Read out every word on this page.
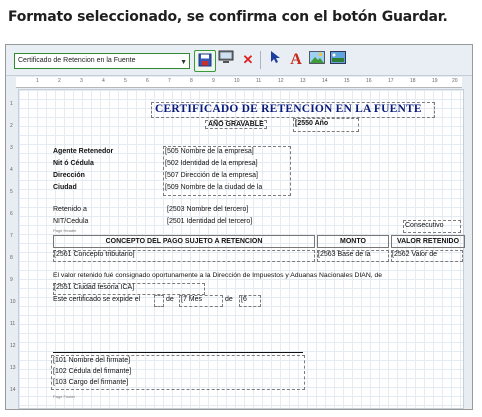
Formato seleccionado, se confirma con el botón Guardar.
Certificado de Retencion en la Fuente	▼	✕ A
1	2	3	4	5	6	7	8	9	10	11	12	13	14	15	16	17	18	19	20
1
2
3
4
5
6
7
8
9
10
11
12
13
14
CERTIFICADO DE RETENCION EN LA FUENTE
AÑO GRAVABLE	[2550 Año
Agente Retenedor	[505 Nombre de la empresa]
Nit ó Cédula	[502 Identidad de la empresa]
Dirección	[507 Dirección de la empresa]
Ciudad	[509 Nombre de la ciudad de la
Retenido a	[2503 Nombre del tercero]
NIT/Cedula	[2501 Identidad del tercero]
Page Header
Consecutivo
CONCEPTO DEL PAGO SUJETO A RETENCION	MONTO	VALOR RETENIDO
[2561 Concepto tributario]	[2563 Base de la	[2562 Valor de
El valor retenido fué consignado oportunamente a la Dirección de Impuestos y Aduanas Nacionales DIAN, de
[2551 Ciudad tesoria ICA]
Este certificado se expide el	de [7 Mes	de [6
[101 Nombre del firmate]
[102 Cédula del firmante]
[103 Cargo del firmante]
Page Footer
